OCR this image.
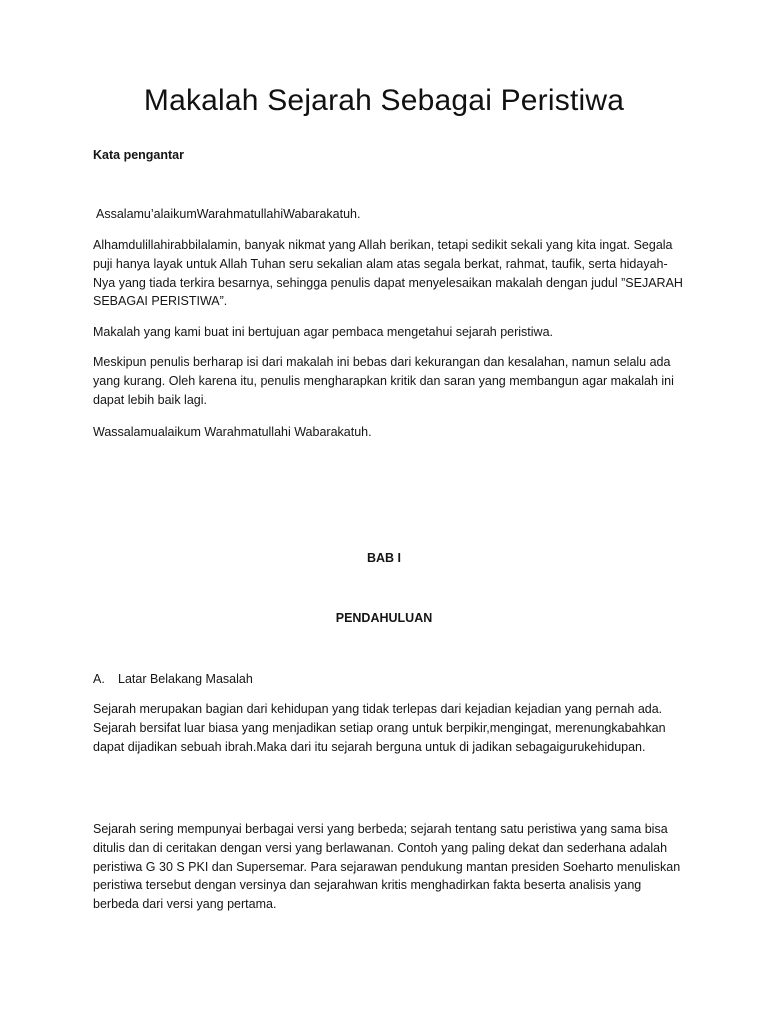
Makalah Sejarah Sebagai Peristiwa

Kata pengantar

Assalamu’alaikumWarahmatullahiWabarakatuh.

Alhamdulillahirabbilalamin, banyak nikmat yang Allah berikan, tetapi sedikit sekali yang kita ingat. Segala puji hanya layak untuk Allah Tuhan seru sekalian alam atas segala berkat, rahmat, taufik, serta hidayah-Nya yang tiada terkira besarnya, sehingga penulis dapat menyelesaikan makalah dengan judul ”SEJARAH SEBAGAI PERISTIWA”.

Makalah yang kami buat ini bertujuan agar pembaca mengetahui sejarah peristiwa.

Meskipun penulis berharap isi dari makalah ini bebas dari kekurangan dan kesalahan, namun selalu ada yang kurang. Oleh karena itu, penulis mengharapkan kritik dan saran yang membangun agar makalah ini dapat lebih baik lagi.

Wassalamualaikum Warahmatullahi Wabarakatuh.

BAB I

PENDAHULUAN

A. Latar Belakang Masalah

Sejarah merupakan bagian dari kehidupan yang tidak terlepas dari kejadian kejadian yang pernah ada. Sejarah bersifat luar biasa yang menjadikan setiap orang untuk berpikir,mengingat, merenungkabahkan dapat dijadikan sebuah ibrah.Maka dari itu sejarah berguna untuk di jadikan sebagaigurukehidupan.

Sejarah sering mempunyai berbagai versi yang berbeda; sejarah tentang satu peristiwa yang sama bisa ditulis dan di ceritakan dengan versi yang berlawanan. Contoh yang paling dekat dan sederhana adalah peristiwa G 30 S PKI dan Supersemar. Para sejarawan pendukung mantan presiden Soeharto menuliskan peristiwa tersebut dengan versinya dan sejarahwan kritis menghadirkan fakta beserta analisis yang berbeda dari versi yang pertama.
